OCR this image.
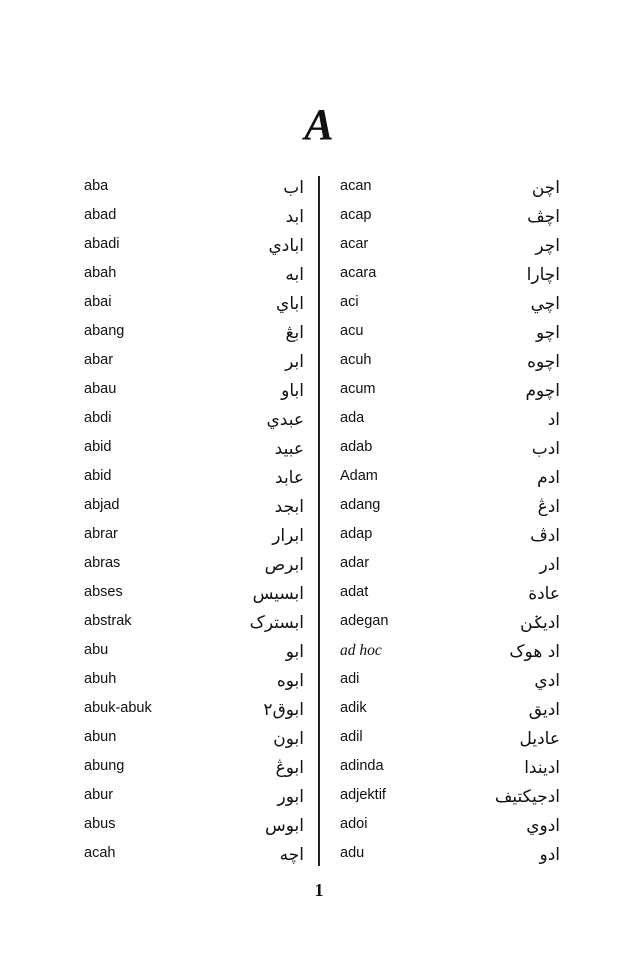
A
aba	اب
abad	ابد
abadi	ابادي
abah	ابه
abai	اباي
abang	ابڠ
abar	ابر
abau	اباو
abdi	عبدي
abid	عبيد
abid	عابد
abjad	ابجد
abrar	ابرار
abras	ابرص
abses	ابسيس
abstrak	ابستر‌ک
abu	ابو
abuh	ابوه
abuk-abuk	ابوق٢
abun	ابون
abung	ابوڠ
abur	ابور
abus	ابوس
acah	اچه
acan	اچن
acap	اچڤ
acar	اچر
acara	اچارا
aci	اچي
acu	اچو
acuh	اچوه
acum	اچوم
ada	اد
adab	ادب
Adam	ادم
adang	ادڠ
adap	ادڤ
adar	ادر
adat	عادة
adegan	اديݢن
ad hoc	اد هوک
adi	ادي
adik	اديق
adil	عاديل
adinda	اديندا
adjektif	ادجيکتيف
adoi	ادوي
adu	ادو
1
